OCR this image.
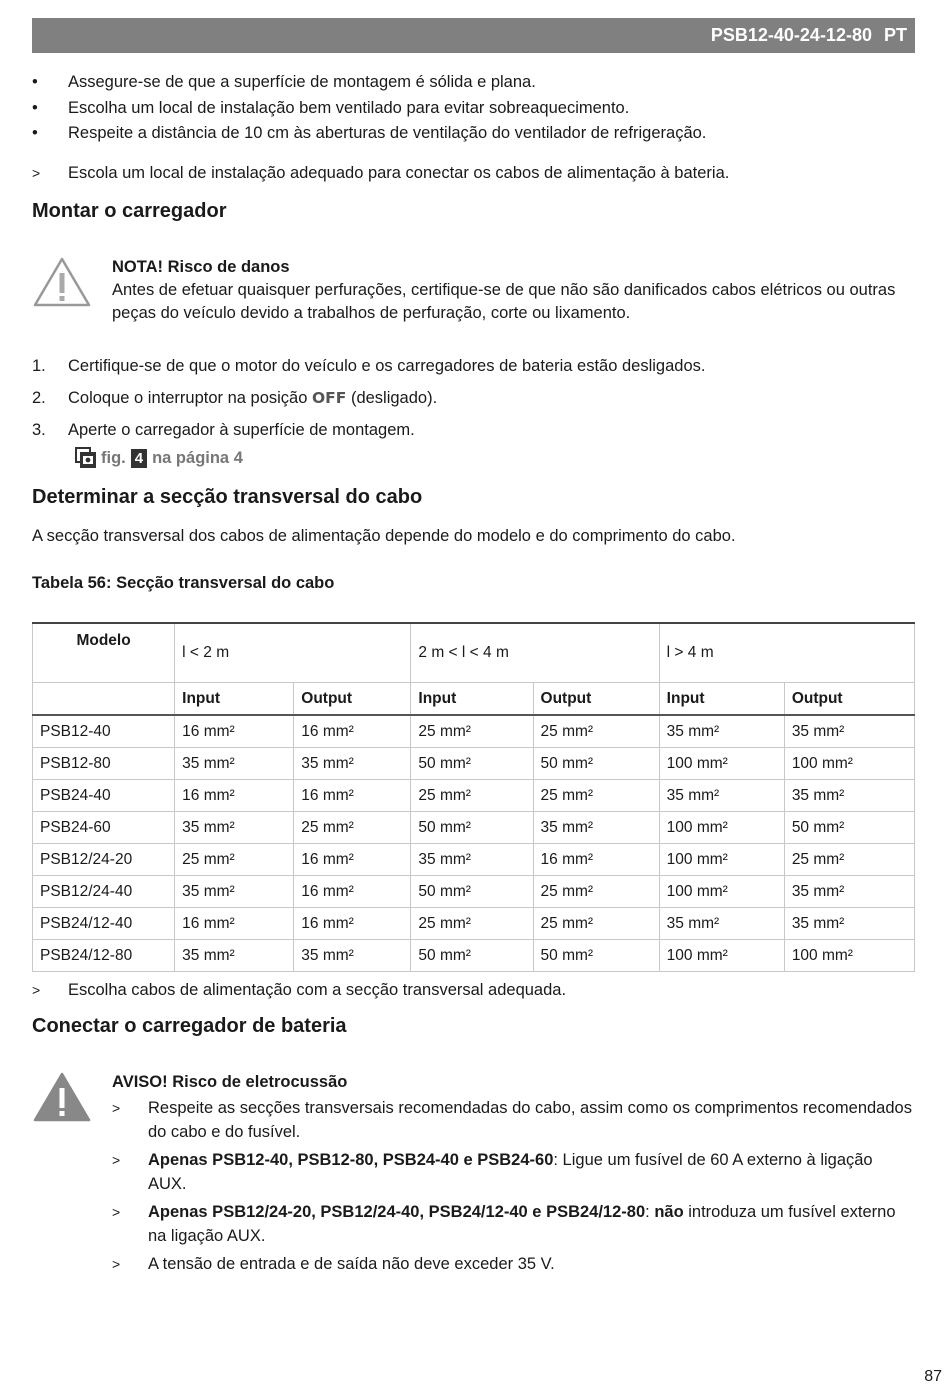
PSB12-40-24-12-80 PT
•	Assegure-se de que a superfície de montagem é sólida e plana.
•	Escolha um local de instalação bem ventilado para evitar sobreaquecimento.
•	Respeite a distância de 10 cm às aberturas de ventilação do ventilador de refrigeração.
>	Escola um local de instalação adequado para conectar os cabos de alimentação à bateria.
Montar o carregador
NOTA! Risco de danos
Antes de efetuar quaisquer perfurações, certifique-se de que não são danificados cabos elétricos ou outras peças do veículo devido a trabalhos de perfuração, corte ou lixamento.
1.	Certifique-se de que o motor do veículo e os carregadores de bateria estão desligados.
2.	Coloque o interruptor na posição OFF (desligado).
3.	Aperte o carregador à superfície de montagem.
fig. 4 na página 4
Determinar a secção transversal do cabo
A secção transversal dos cabos de alimentação depende do modelo e do comprimento do cabo.
Tabela 56: Secção transversal do cabo
Modelo	l < 2 m		2 m < l < 4 m		l > 4 m	
	Input	Output	Input	Output	Input	Output
PSB12-40	16 mm²	16 mm²	25 mm²	25 mm²	35 mm²	35 mm²
PSB12-80	35 mm²	35 mm²	50 mm²	50 mm²	100 mm²	100 mm²
PSB24-40	16 mm²	16 mm²	25 mm²	25 mm²	35 mm²	35 mm²
PSB24-60	35 mm²	25 mm²	50 mm²	35 mm²	100 mm²	50 mm²
PSB12/24-20	25 mm²	16 mm²	35 mm²	16 mm²	100 mm²	25 mm²
PSB12/24-40	35 mm²	16 mm²	50 mm²	25 mm²	100 mm²	35 mm²
PSB24/12-40	16 mm²	16 mm²	25 mm²	25 mm²	35 mm²	35 mm²
PSB24/12-80	35 mm²	35 mm²	50 mm²	50 mm²	100 mm²	100 mm²
>	Escolha cabos de alimentação com a secção transversal adequada.
Conectar o carregador de bateria
AVISO! Risco de eletrocussão
>	Respeite as secções transversais recomendadas do cabo, assim como os comprimentos recomendados do cabo e do fusível.
>	Apenas PSB12-40, PSB12-80, PSB24-40 e PSB24-60: Ligue um fusível de 60 A externo à ligação AUX.
>	Apenas PSB12/24-20, PSB12/24-40, PSB24/12-40 e PSB24/12-80: não introduza um fusível externo na ligação AUX.
>	A tensão de entrada e de saída não deve exceder 35 V.
87
